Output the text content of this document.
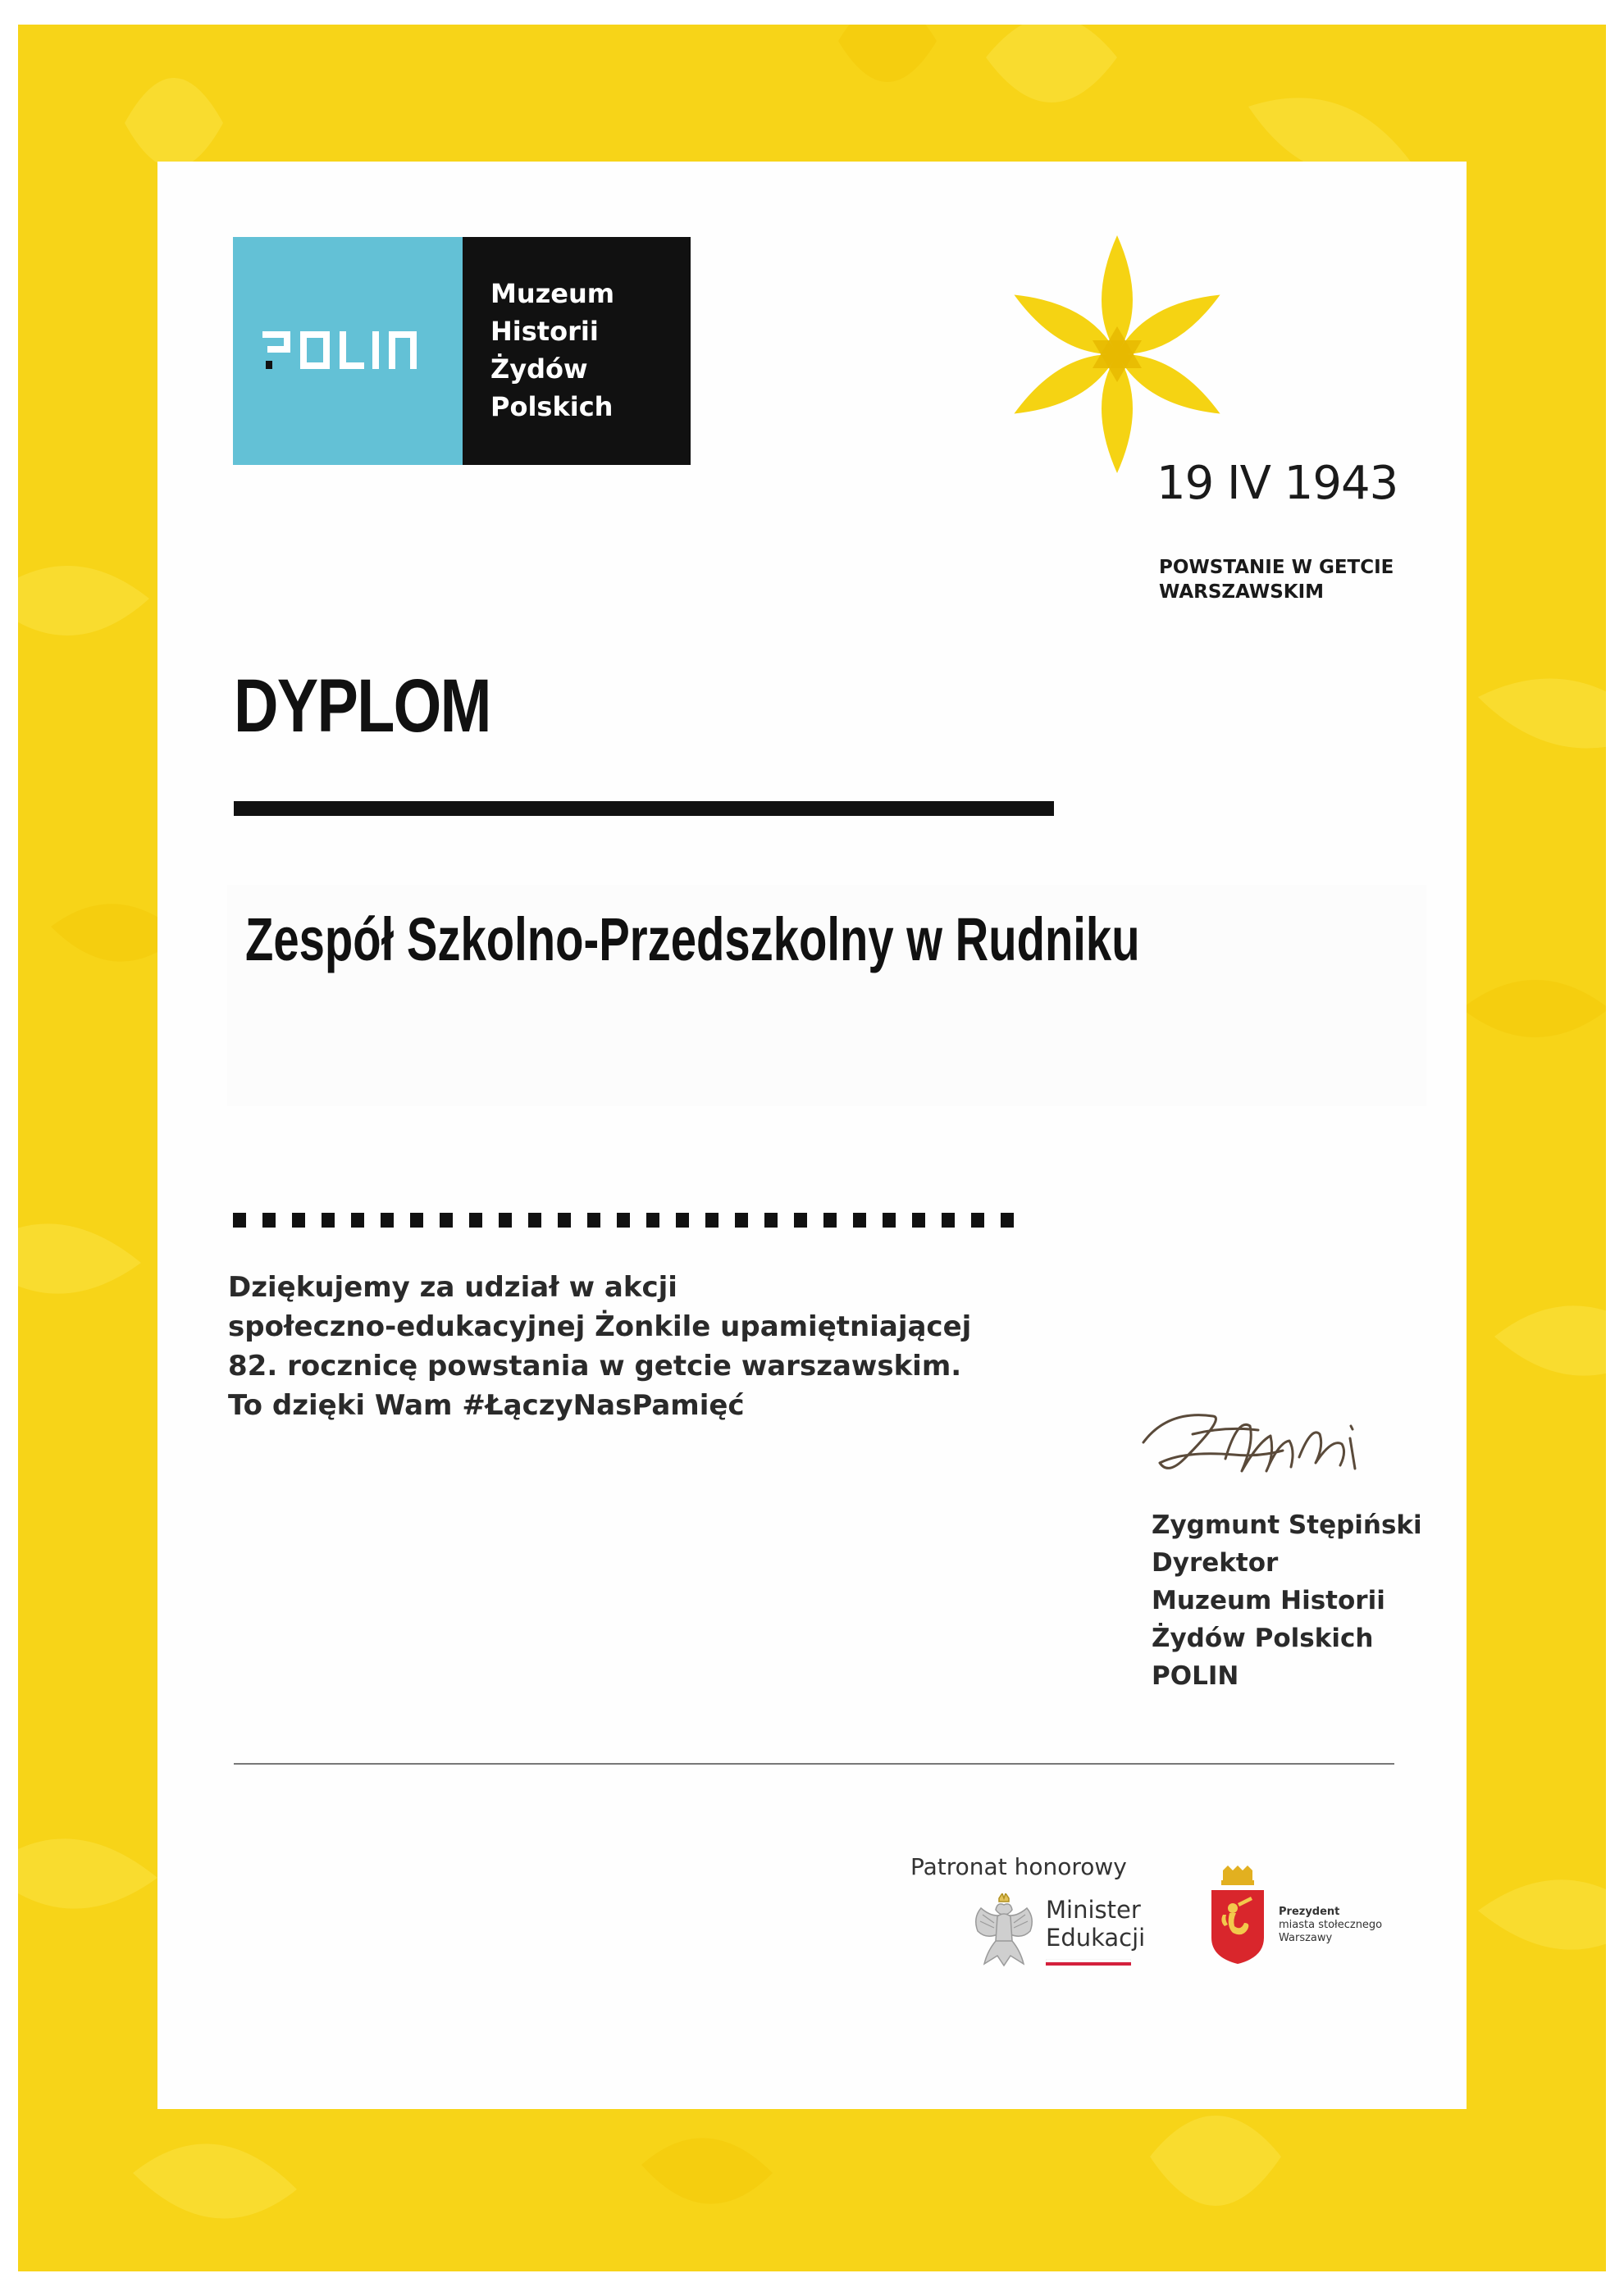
Muzeum
Historii
Żydów
Polskich
19 IV 1943
POWSTANIE W GETCIE
WARSZAWSKIM
DYPLOM
Zespół Szkolno-Przedszkolny w Rudniku
Dziękujemy za udział w akcji
społeczno-edukacyjnej Żonkile upamiętniającej
82. rocznicę powstania w getcie warszawskim.
To dzięki Wam #ŁączyNasPamięć
Zygmunt Stępiński
Dyrektor
Muzeum Historii
Żydów Polskich
POLIN
Patronat honorowy
Minister
Edukacji
Prezydent
miasta stołecznego
Warszawy
